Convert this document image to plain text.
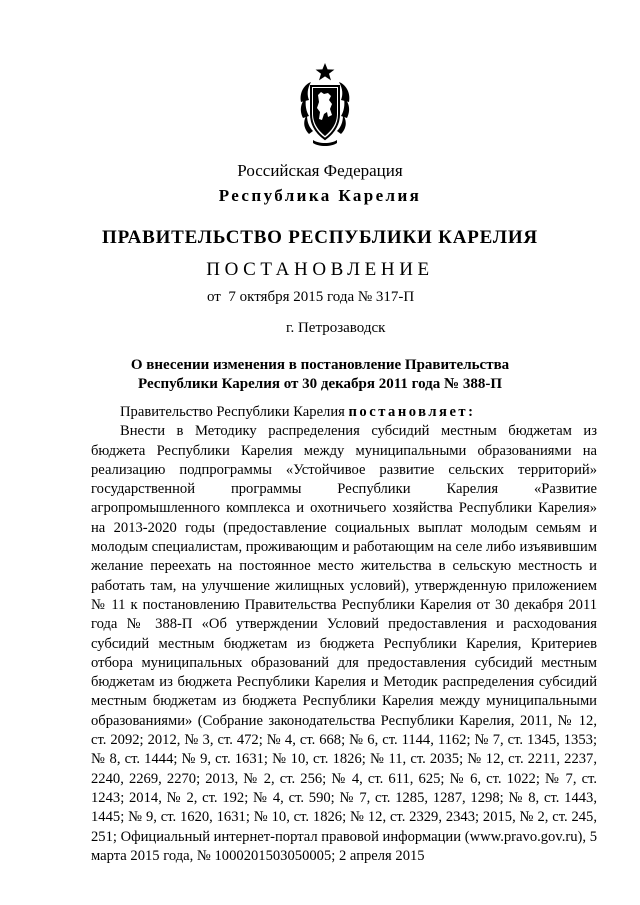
Российская Федерация
Республика Карелия
ПРАВИТЕЛЬСТВО РЕСПУБЛИКИ КАРЕЛИЯ
ПОСТАНОВЛЕНИЕ
от  7 октября 2015 года № 317-П
г. Петрозаводск
О внесении изменения в постановление Правительства
Республики Карелия от 30 декабря 2011 года № 388-П
Правительство Республики Карелия постановляет:
Внести в Методику распределения субсидий местным бюджетам из бюджета Республики Карелия между муниципальными образованиями на реализацию подпрограммы «Устойчивое развитие сельских территорий» государственной программы Республики Карелия «Развитие агропромышленного комплекса и охотничьего хозяйства Республики Карелия» на 2013-2020 годы (предоставление социальных выплат молодым семьям и молодым специалистам, проживающим и работающим на селе либо изъявившим желание переехать на постоянное место жительства в сельскую местность и работать там, на улучшение жилищных условий), утвержденную приложением № 11 к постановлению Правительства Республики Карелия от 30 декабря 2011 года № 388-П «Об утверждении Условий предоставления и расходования субсидий местным бюджетам из бюджета Республики Карелия, Критериев отбора муниципальных образований для предоставления субсидий местным бюджетам из бюджета Республики Карелия и Методик распределения субсидий местным бюджетам из бюджета Республики Карелия между муниципальными образованиями» (Собрание законодательства Республики Карелия, 2011, № 12, ст. 2092; 2012, № 3, ст. 472; № 4, ст. 668; № 6, ст. 1144, 1162; № 7, ст. 1345, 1353; № 8, ст. 1444; № 9, ст. 1631; № 10, ст. 1826; № 11, ст. 2035; № 12, ст. 2211, 2237, 2240, 2269, 2270; 2013, № 2, ст. 256; № 4, ст. 611, 625; № 6, ст. 1022; № 7, ст. 1243; 2014, № 2, ст. 192; № 4, ст. 590; № 7, ст. 1285, 1287, 1298; № 8, ст. 1443, 1445; № 9, ст. 1620, 1631; № 10, ст. 1826; № 12, ст. 2329, 2343; 2015, № 2, ст. 245, 251; Официальный интернет-портал правовой информации (www.pravo.gov.ru), 5 марта 2015 года, № 1000201503050005; 2 апреля 2015
